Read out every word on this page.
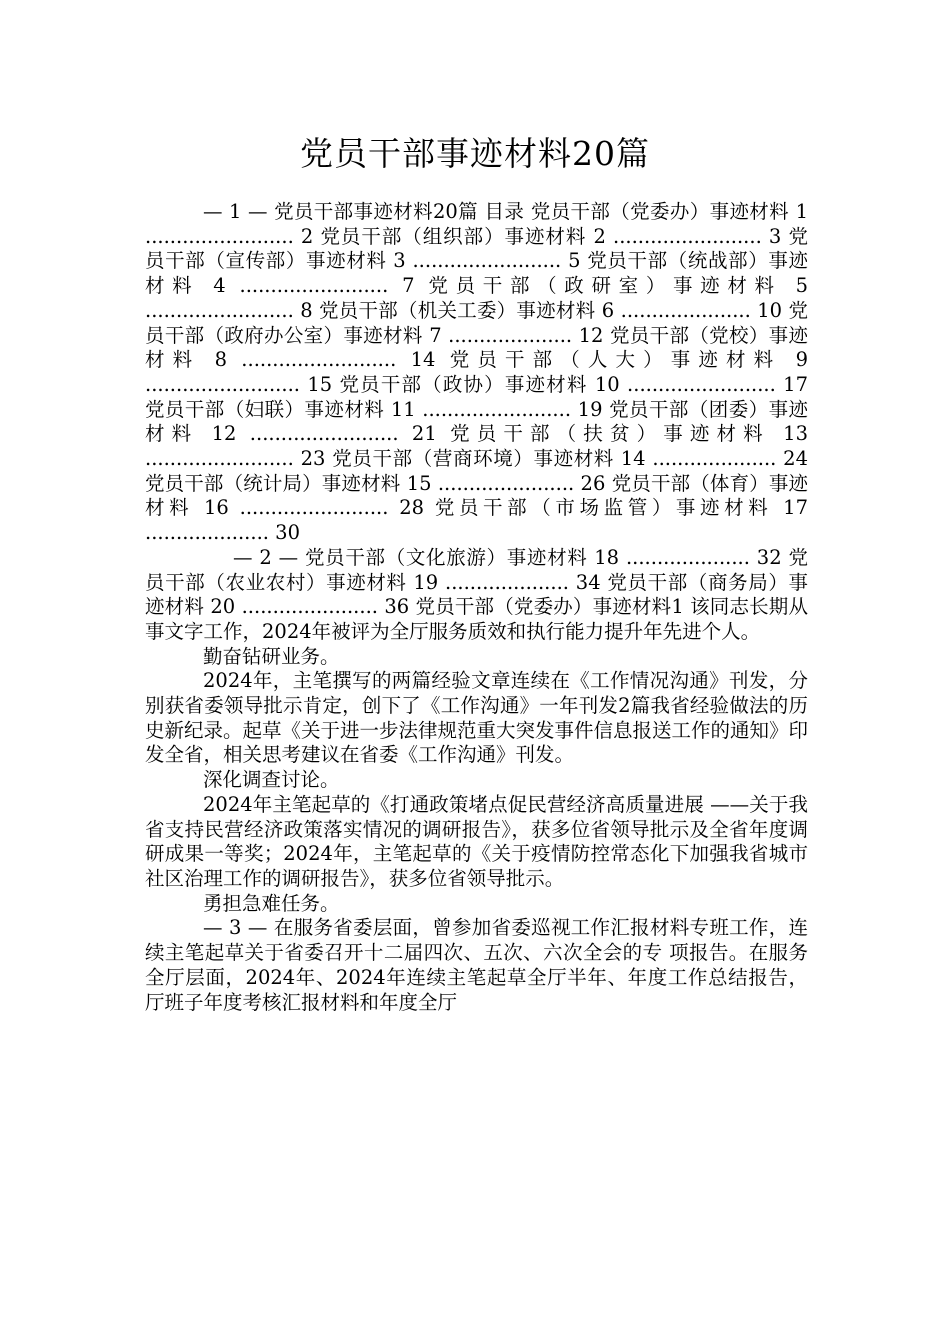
党员干部事迹材料20篇

— 1 — 党员干部事迹材料20篇 目录 党员干部（党委办）事迹材料 1 ........................ 2 党员干部（组织部）事迹材料 2 ........................ 3 党员干部（宣传部）事迹材料 3 ........................ 5 党员干部（统战部）事迹材料 4 ........................ 7 党员干部（政研室）事迹材料 5 ........................ 8 党员干部（机关工委）事迹材料 6 ..................... 10 党员干部（政府办公室）事迹材料 7 .................... 12 党员干部（党校）事迹材料 8 ......................... 14 党员干部（人大）事迹材料 9 ......................... 15 党员干部（政协）事迹材料 10 ........................ 17 党员干部（妇联）事迹材料 11 ........................ 19 党员干部（团委）事迹材料 12 ........................ 21 党员干部（扶贫）事迹材料 13 ........................ 23 党员干部（营商环境）事迹材料 14 .................... 24 党员干部（统计局）事迹材料 15 ...................... 26 党员干部（体育）事迹材料 16 ........................ 28 党员干部（市场监管）事迹材料 17 .................... 30

— 2 — 党员干部（文化旅游）事迹材料 18 .................... 32 党员干部（农业农村）事迹材料 19 .................... 34 党员干部（商务局）事迹材料 20 ...................... 36 党员干部（党委办）事迹材料1 该同志长期从事文字工作，2024年被评为全厅服务质效和执行能力提升年先进个人。

勤奋钻研业务。

2024年，主笔撰写的两篇经验文章连续在《工作情况沟通》刊发，分别获省委领导批示肯定，创下了《工作沟通》一年刊发2篇我省经验做法的历史新纪录。起草《关于进一步法律规范重大突发事件信息报送工作的通知》印发全省，相关思考建议在省委《工作沟通》刊发。

深化调查讨论。

2024年主笔起草的《打通政策堵点促民营经济高质量进展 ——关于我省支持民营经济政策落实情况的调研报告》，获多位省领导批示及全省年度调研成果一等奖；2024年，主笔起草的《关于疫情防控常态化下加强我省城市社区治理工作的调研报告》，获多位省领导批示。

勇担急难任务。

— 3 — 在服务省委层面，曾参加省委巡视工作汇报材料专班工作，连续主笔起草关于省委召开十二届四次、五次、六次全会的专 项报告。在服务全厅层面，2024年、2024年连续主笔起草全厅半年、年度工作总结报告，厅班子年度考核汇报材料和年度全厅
